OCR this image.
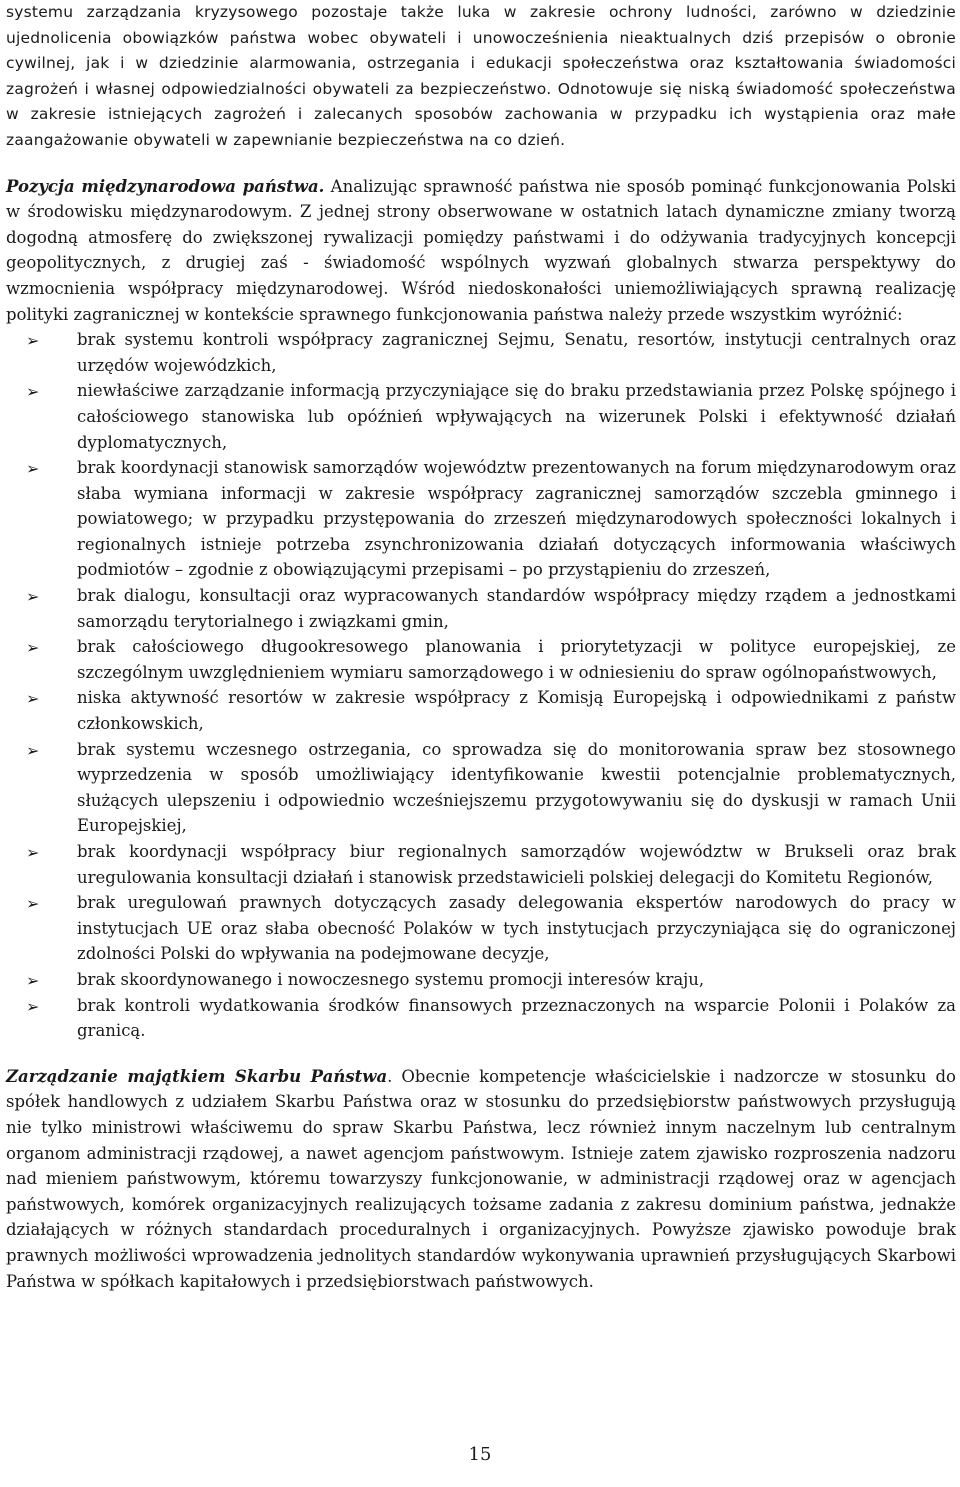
systemu zarządzania kryzysowego pozostaje także luka w zakresie ochrony ludności, zarówno w dziedzinie ujednolicenia obowiązków państwa wobec obywateli i unowocześnienia nieaktualnych dziś przepisów o obronie cywilnej, jak i w dziedzinie alarmowania, ostrzegania i edukacji społeczeństwa oraz kształtowania świadomości zagrożeń i własnej odpowiedzialności obywateli za bezpieczeństwo. Odnotowuje się niską świadomość społeczeństwa w zakresie istniejących zagrożeń i zalecanych sposobów zachowania w przypadku ich wystąpienia oraz małe zaangażowanie obywateli w zapewnianie bezpieczeństwa na co dzień.

Pozycja międzynarodowa państwa. Analizując sprawność państwa nie sposób pominąć funkcjonowania Polski w środowisku międzynarodowym. Z jednej strony obserwowane w ostatnich latach dynamiczne zmiany tworzą dogodną atmosferę do zwiększonej rywalizacji pomiędzy państwami i do odżywania tradycyjnych koncepcji geopolitycznych, z drugiej zaś - świadomość wspólnych wyzwań globalnych stwarza perspektywy do wzmocnienia współpracy międzynarodowej. Wśród niedoskonałości uniemożliwiających sprawną realizację polityki zagranicznej w kontekście sprawnego funkcjonowania państwa należy przede wszystkim wyróżnić:

➢ brak systemu kontroli współpracy zagranicznej Sejmu, Senatu, resortów, instytucji centralnych oraz urzędów wojewódzkich,
➢ niewłaściwe zarządzanie informacją przyczyniające się do braku przedstawiania przez Polskę spójnego i całościowego stanowiska lub opóźnień wpływających na wizerunek Polski i efektywność działań dyplomatycznych,
➢ brak koordynacji stanowisk samorządów województw prezentowanych na forum międzynarodowym oraz słaba wymiana informacji w zakresie współpracy zagranicznej samorządów szczebla gminnego i powiatowego; w przypadku przystępowania do zrzeszeń międzynarodowych społeczności lokalnych i regionalnych istnieje potrzeba zsynchronizowania działań dotyczących informowania właściwych podmiotów – zgodnie z obowiązującymi przepisami – po przystąpieniu do zrzeszeń,
➢ brak dialogu, konsultacji oraz wypracowanych standardów współpracy między rządem a jednostkami samorządu terytorialnego i związkami gmin,
➢ brak całościowego długookresowego planowania i priorytetyzacji w polityce europejskiej, ze szczególnym uwzględnieniem wymiaru samorządowego i w odniesieniu do spraw ogólnopaństwowych,
➢ niska aktywność resortów w zakresie współpracy z Komisją Europejską i odpowiednikami z państw członkowskich,
➢ brak systemu wczesnego ostrzegania, co sprowadza się do monitorowania spraw bez stosownego wyprzedzenia w sposób umożliwiający identyfikowanie kwestii potencjalnie problematycznych, służących ulepszeniu i odpowiednio wcześniejszemu przygotowywaniu się do dyskusji w ramach Unii Europejskiej,
➢ brak koordynacji współpracy biur regionalnych samorządów województw w Brukseli oraz brak uregulowania konsultacji działań i stanowisk przedstawicieli polskiej delegacji do Komitetu Regionów,
➢ brak uregulowań prawnych dotyczących zasady delegowania ekspertów narodowych do pracy w instytucjach UE oraz słaba obecność Polaków w tych instytucjach przyczyniająca się do ograniczonej zdolności Polski do wpływania na podejmowane decyzje,
➢ brak skoordynowanego i nowoczesnego systemu promocji interesów kraju,
➢ brak kontroli wydatkowania środków finansowych przeznaczonych na wsparcie Polonii i Polaków za granicą.

Zarządzanie majątkiem Skarbu Państwa. Obecnie kompetencje właścicielskie i nadzorcze w stosunku do spółek handlowych z udziałem Skarbu Państwa oraz w stosunku do przedsiębiorstw państwowych przysługują nie tylko ministrowi właściwemu do spraw Skarbu Państwa, lecz również innym naczelnym lub centralnym organom administracji rządowej, a nawet agencjom państwowym. Istnieje zatem zjawisko rozproszenia nadzoru nad mieniem państwowym, któremu towarzyszy funkcjonowanie, w administracji rządowej oraz w agencjach państwowych, komórek organizacyjnych realizujących tożsame zadania z zakresu dominium państwa, jednakże działających w różnych standardach proceduralnych i organizacyjnych. Powyższe zjawisko powoduje brak prawnych możliwości wprowadzenia jednolitych standardów wykonywania uprawnień przysługujących Skarbowi Państwa w spółkach kapitałowych i przedsiębiorstwach państwowych.

15
